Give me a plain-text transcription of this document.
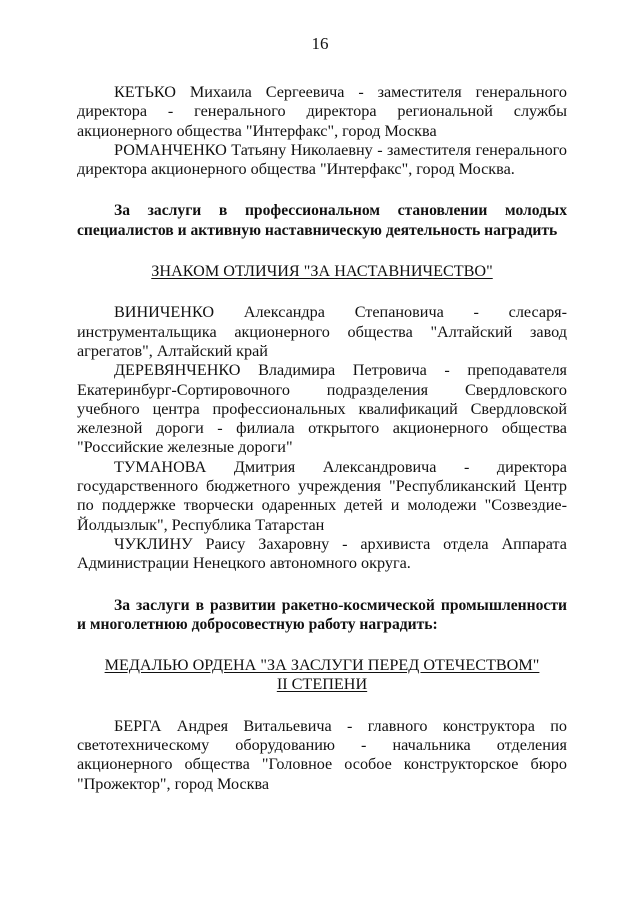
16

КЕТЬКО Михаила Сергеевича - заместителя генерального директора - генерального директора региональной службы акционерного общества "Интерфакс", город Москва

РОМАНЧЕНКО Татьяну Николаевну - заместителя генерального директора акционерного общества "Интерфакс", город Москва.

За заслуги в профессиональном становлении молодых специалистов и активную наставническую деятельность наградить

ЗНАКОМ ОТЛИЧИЯ "ЗА НАСТАВНИЧЕСТВО"

ВИНИЧЕНКО Александра Степановича - слесаря-инструментальщика акционерного общества "Алтайский завод агрегатов", Алтайский край

ДЕРЕВЯНЧЕНКО Владимира Петровича - преподавателя Екатеринбург-Сортировочного подразделения Свердловского учебного центра профессиональных квалификаций Свердловской железной дороги - филиала открытого акционерного общества "Российские железные дороги"

ТУМАНОВА Дмитрия Александровича - директора государственного бюджетного учреждения "Республиканский Центр по поддержке творчески одаренных детей и молодежи "Созвездие-Йолдызлык", Республика Татарстан

ЧУКЛИНУ Раису Захаровну - архивиста отдела Аппарата Администрации Ненецкого автономного округа.

За заслуги в развитии ракетно-космической промышленности и многолетнюю добросовестную работу наградить:

МЕДАЛЬЮ ОРДЕНА "ЗА ЗАСЛУГИ ПЕРЕД ОТЕЧЕСТВОМ"

II СТЕПЕНИ

БЕРГА Андрея Витальевича - главного конструктора по светотехническому оборудованию - начальника отделения акционерного общества "Головное особое конструкторское бюро "Прожектор", город Москва
